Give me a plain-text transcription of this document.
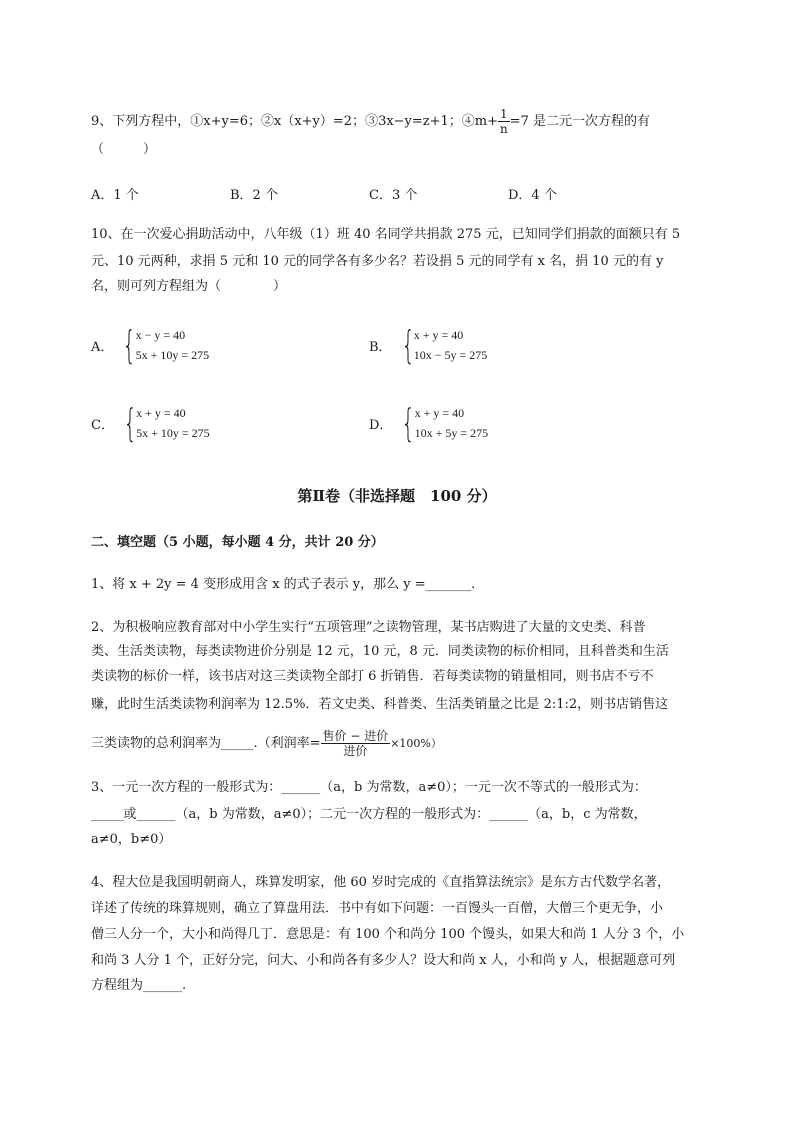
9、下列方程中，①x+y=6；②x（x+y）=2；③3x−y=z+1；④m+ $\frac{1}{n} =7$ 是二元一次方程的有
（　　　）
A．1 个	B．2 个	C．3 个	D．4 个
10、在一次爱心捐助活动中，八年级（1）班 40 名同学共捐款 275 元，已知同学们捐款的面额只有 5
元、10 元两种，求捐 5 元和 10 元的同学各有多少名？若设捐 5 元的同学有 x 名，捐 10 元的有 y
名，则可列方程组为（　　　　）
A． { x − y = 40
5x + 10y = 275
B． { x + y = 40
10x − 5y = 275
C． { x + y = 40
5x + 10y = 275
D． { x + y = 40
10x + 5y = 275
第Ⅱ卷（非选择题　100 分）
二、填空题（5 小题，每小题 4 分，共计 20 分）
1、将 x + 2y = 4 变形成用含 x 的式子表示 y，那么 y =_______.
2、为积极响应教育部对中小学生实行“五项管理”之读物管理，某书店购进了大量的文史类、科普
类、生活类读物，每类读物进价分别是 12 元，10 元，8 元．同类读物的标价相同，且科普类和生活
类读物的标价一样，该书店对这三类读物全部打 6 折销售．若每类读物的销量相同，则书店不亏不
赚，此时生活类读物利润率为 12.5%．若文史类、科普类、生活类销量之比是 2:1:2，则书店销售这
三类读物的总利润率为_____.（利润率= $\frac{\text{售价 − 进价}}{\text{进价}} \times 100\%$）
3、一元一次方程的一般形式为：______（a，b 为常数，a≠0）；一元一次不等式的一般形式为：
_____或______（a，b 为常数，a≠0）；二元一次方程的一般形式为：______（a，b，c 为常数，
a≠0，b≠0）
4、程大位是我国明朝商人，珠算发明家，他 60 岁时完成的《直指算法统宗》是东方古代数学名著，
详述了传统的珠算规则，确立了算盘用法．书中有如下问题：一百馒头一百僧，大僧三个更无争，小
僧三人分一个，大小和尚得几丁．意思是：有 100 个和尚分 100 个馒头，如果大和尚 1 人分 3 个，小
和尚 3 人分 1 个，正好分完，问大、小和尚各有多少人？设大和尚 x 人，小和尚 y 人，根据题意可列
方程组为______.
